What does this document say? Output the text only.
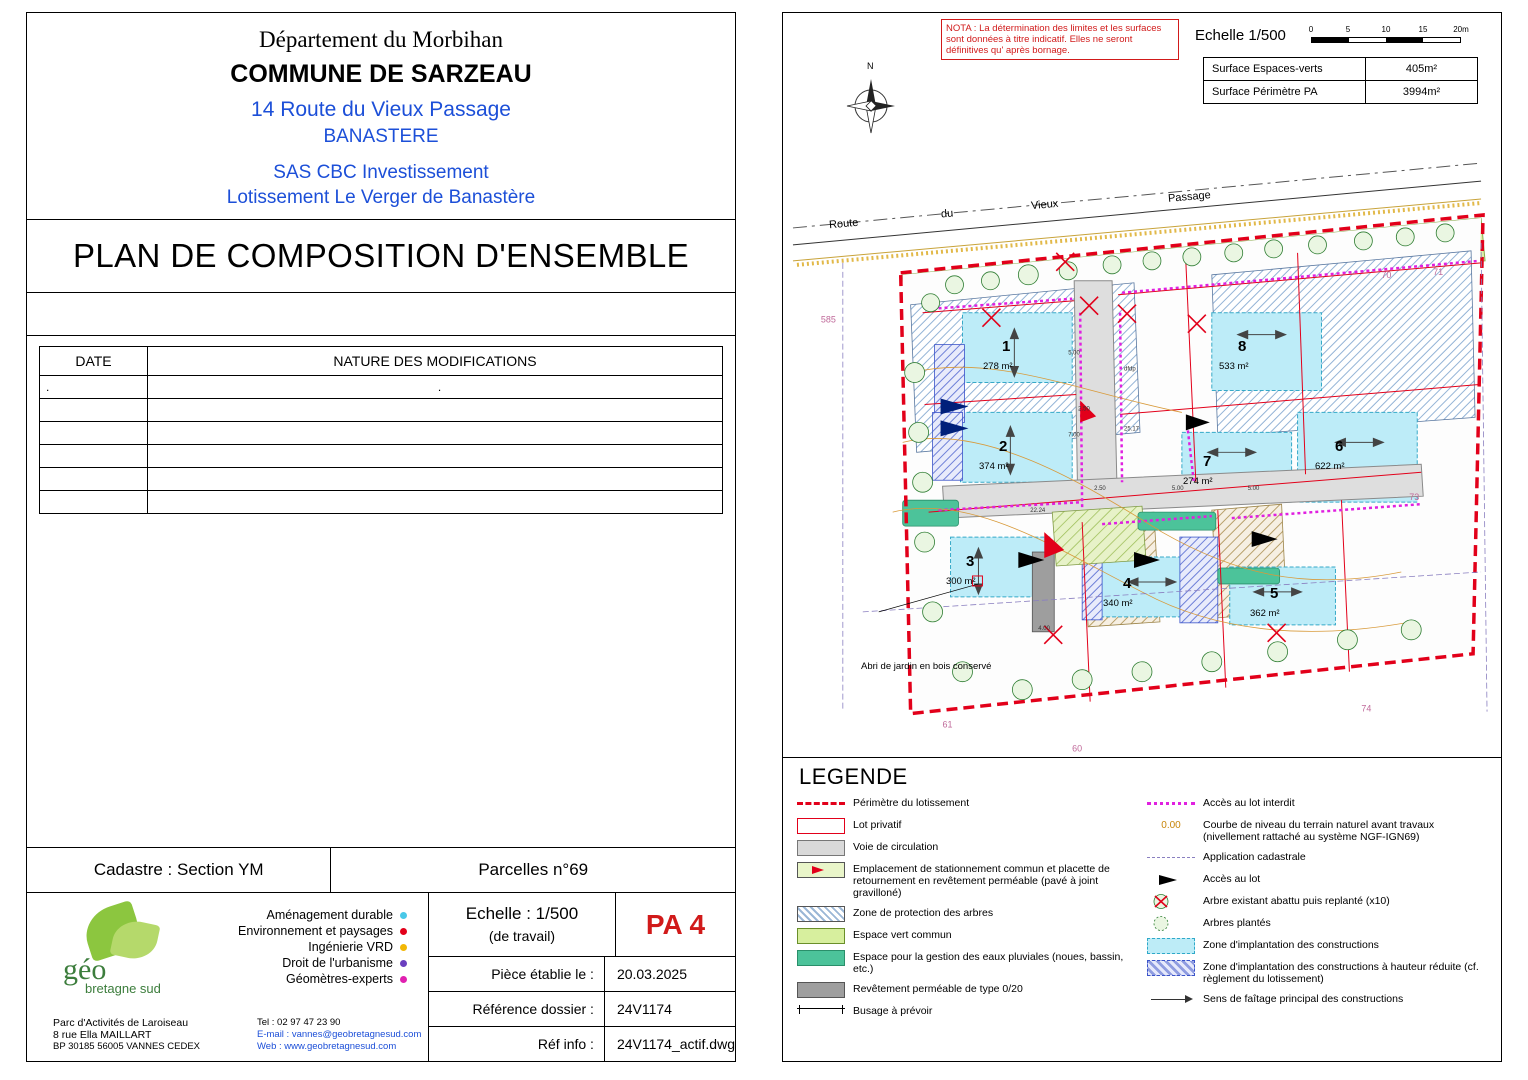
Département du Morbihan
COMMUNE DE SARZEAU
14 Route du Vieux Passage
BANASTERE
SAS CBC Investissement
Lotissement Le Verger de Banastère
PLAN DE COMPOSITION D'ENSEMBLE
DATE	NATURE DES MODIFICATIONS
.	.

Cadastre : Section YM	Parcelles n°69
géo
bretagne sud
Aménagement durable
Environnement et paysages
Ingénierie VRD
Droit de l'urbanisme
Géomètres-experts
Parc d'Activités de Laroiseau
8 rue Ella MAILLART
BP 30185 56005 VANNES CEDEX
Tel : 02 97 47 23 90
E-mail : vannes@geobretagnesud.com
Web : www.geobretagnesud.com
Echelle : 1/500
(de travail)	PA 4
Pièce établie le :	20.03.2025
Référence dossier :	24V1174
Réf info :	24V1174_actif.dwg
5.00
2.50
7.00
dfdp
25.17
22.24
4.00
5.00	5.00
2.50
585
70	71
73
74
61
60
NOTA : La détermination des limites et les surfaces sont données à titre indicatif. Elles ne seront définitives qu' après bornage.
Echelle 1/500	0	5	10	15	20m
Surface Espaces-verts	405m²
Surface Périmètre PA	3994m²
N
1
278 m²
2
374 m²
3
300 m²	4
340 m²
5
362 m²
6
622 m²
7
274 m²
8
533 m²
Route
du
Vieux
Passage
Abri de jardin en bois conservé
LEGENDE
Périmètre du lotissement
Lot privatif
Voie de circulation
Emplacement de stationnement commun et placette de retournement en revêtement perméable (pavé à joint gravilloné)
Zone de protection des arbres
Espace vert commun
Espace pour la gestion des eaux pluviales (noues, bassin, etc.)
Revêtement perméable de type 0/20
Busage à prévoir
Accès au lot interdit
0.00	Courbe de niveau du terrain naturel avant travaux (nivellement rattaché au système NGF-IGN69)
Application cadastrale
Accès au lot
Arbre existant abattu puis replanté (x10)
Arbres plantés
Zone d'implantation des constructions
Zone d'implantation des constructions à hauteur réduite (cf. règlement du lotissement)
Sens de faîtage principal des constructions
